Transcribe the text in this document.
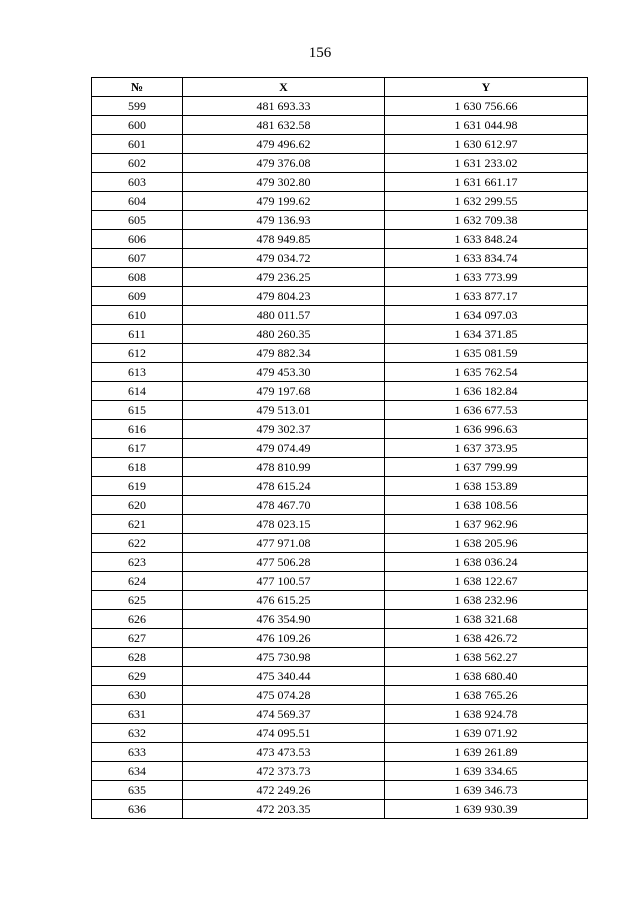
156
№	X	Y
599	481 693.33	1 630 756.66
600	481 632.58	1 631 044.98
601	479 496.62	1 630 612.97
602	479 376.08	1 631 233.02
603	479 302.80	1 631 661.17
604	479 199.62	1 632 299.55
605	479 136.93	1 632 709.38
606	478 949.85	1 633 848.24
607	479 034.72	1 633 834.74
608	479 236.25	1 633 773.99
609	479 804.23	1 633 877.17
610	480 011.57	1 634 097.03
611	480 260.35	1 634 371.85
612	479 882.34	1 635 081.59
613	479 453.30	1 635 762.54
614	479 197.68	1 636 182.84
615	479 513.01	1 636 677.53
616	479 302.37	1 636 996.63
617	479 074.49	1 637 373.95
618	478 810.99	1 637 799.99
619	478 615.24	1 638 153.89
620	478 467.70	1 638 108.56
621	478 023.15	1 637 962.96
622	477 971.08	1 638 205.96
623	477 506.28	1 638 036.24
624	477 100.57	1 638 122.67
625	476 615.25	1 638 232.96
626	476 354.90	1 638 321.68
627	476 109.26	1 638 426.72
628	475 730.98	1 638 562.27
629	475 340.44	1 638 680.40
630	475 074.28	1 638 765.26
631	474 569.37	1 638 924.78
632	474 095.51	1 639 071.92
633	473 473.53	1 639 261.89
634	472 373.73	1 639 334.65
635	472 249.26	1 639 346.73
636	472 203.35	1 639 930.39
